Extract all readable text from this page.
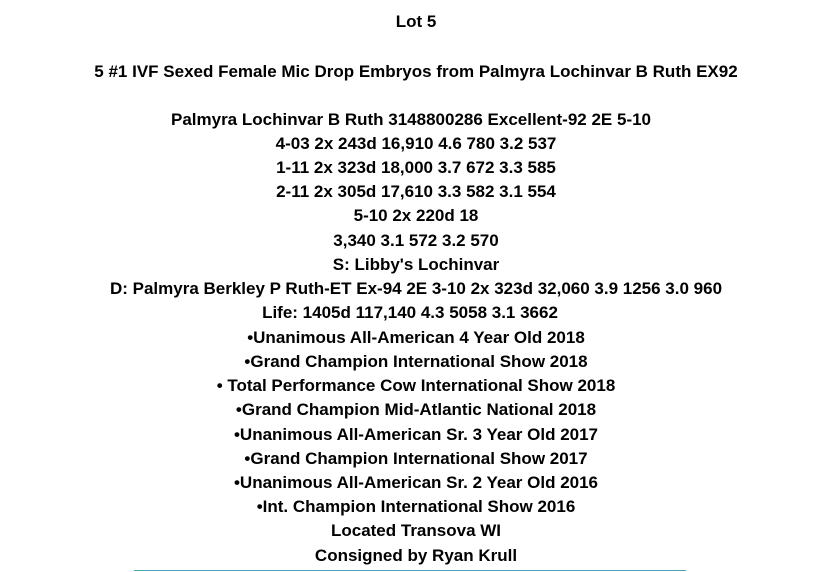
Lot 5
5 #1 IVF Sexed Female Mic Drop Embryos from Palmyra Lochinvar B Ruth EX92
Palmyra Lochinvar B Ruth 3148800286 Excellent-92 2E 5-10
4-03 2x 243d 16,910 4.6 780 3.2 537
1-11 2x 323d 18,000 3.7 672 3.3 585
2-11 2x 305d 17,610 3.3 582 3.1 554
5-10 2x 220d 18
3,340 3.1 572 3.2 570
S: Libby's Lochinvar
D: Palmyra Berkley P Ruth-ET Ex-94 2E 3-10 2x 323d 32,060 3.9 1256 3.0 960
Life: 1405d 117,140 4.3 5058 3.1 3662
•Unanimous All-American 4 Year Old 2018
•Grand Champion International Show 2018
• Total Performance Cow International Show 2018
•Grand Champion Mid-Atlantic National 2018
•Unanimous All-American Sr. 3 Year Old 2017
•Grand Champion International Show 2017
•Unanimous All-American Sr. 2 Year Old 2016
•Int. Champion International Show 2016
Located Transova WI
Consigned by Ryan Krull
